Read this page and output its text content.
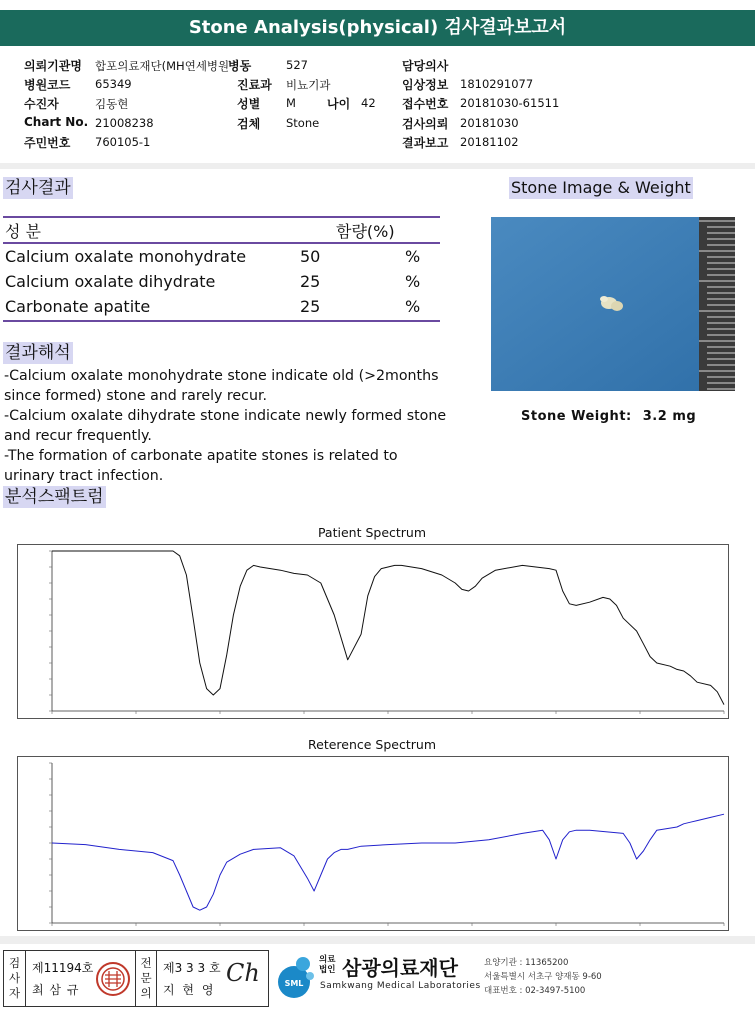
Stone Analysis(physical) 검사결과보고서
의뢰기관명 합포의료재단(MH연세병원
병동	527	담당의사
병원코드 65349	진료과 비뇨기과	임상정보 1810291077
수진자	김동현	성별 M	나이 42 접수번호 20181030-61511
Chart No. 21008238	검체 Stone	검사의뢰 20181030
주민번호 760105-1	결과보고 20181102
검사결과
성 분	함량(%)
Calcium oxalate monohydrate	50	%
Calcium oxalate dihydrate	25	%
Carbonate apatite	25	%
Stone Image & Weight
Stone Weight: 3.2 mg
결과해석
-Calcium oxalate monohydrate stone indicate old (>2months
since formed) stone and rarely recur.
-Calcium oxalate dihydrate stone indicate newly formed stone
and recur frequently.
-The formation of carbonate apatite stones is related to
urinary tract infection.
분석스팩트럼
Patient Spectrum
Reterence Spectrum
검사자
제11194호
최 삼 규
전문의
제3 3 3 호
지 현 영
Ch	SML
의료
법인 삼광의료재단
Samkwang Medical Laboratories
요양기관 : 11365200
서울특별시 서초구 양재동 9-60
대표번호 : 02-3497-5100
